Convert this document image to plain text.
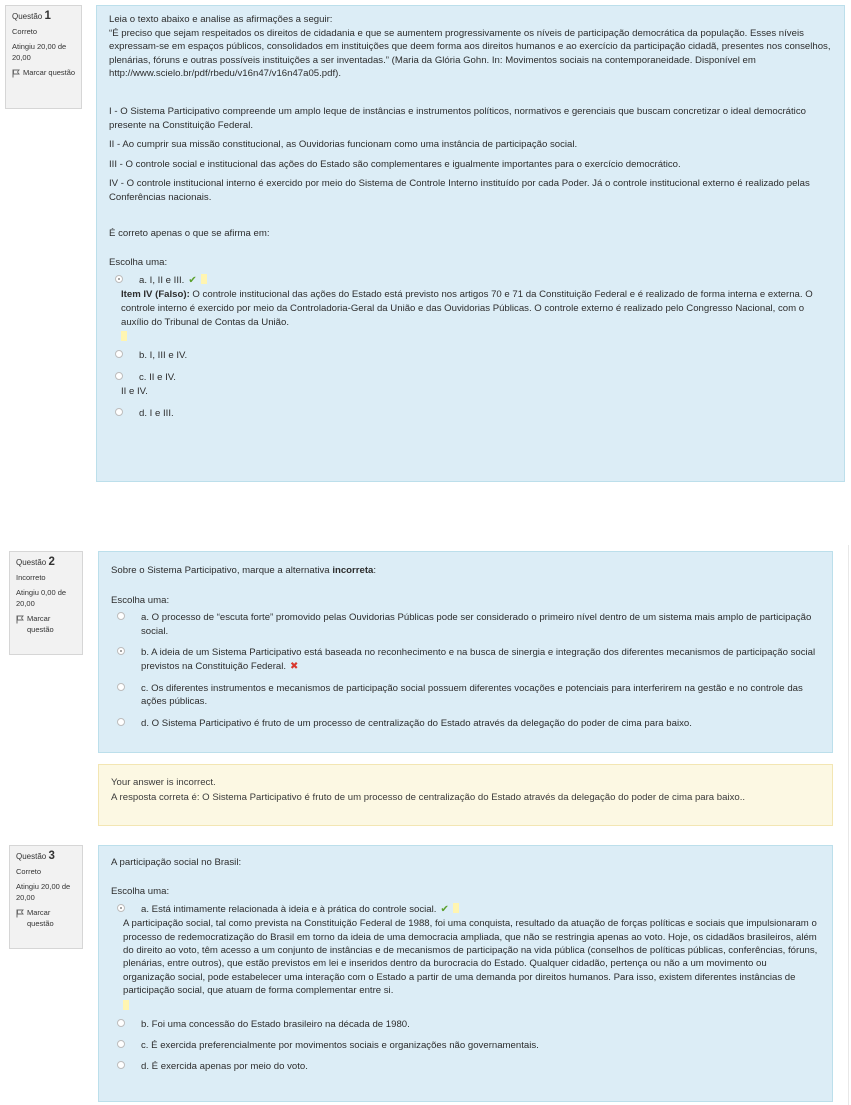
Questão 1
Correto
Atingiu 20,00 de 20,00
Marcar questão

Leia o texto abaixo e analise as afirmações a seguir:

“É preciso que sejam respeitados os direitos de cidadania e que se aumentem progressivamente os níveis de participação democrática da população. Esses níveis expressam-se em espaços públicos, consolidados em instituições que deem forma aos direitos humanos e ao exercício da participação cidadã, presentes nos conselhos, plenárias, fóruns e outras possíveis instituições a ser inventadas.” (Maria da Glória Gohn. In: Movimentos sociais na contemporaneidade. Disponível em http://www.scielo.br/pdf/rbedu/v16n47/v16n47a05.pdf).

I - O Sistema Participativo compreende um amplo leque de instâncias e instrumentos políticos, normativos e gerenciais que buscam concretizar o ideal democrático presente na Constituição Federal.

II - Ao cumprir sua missão constitucional, as Ouvidorias funcionam como uma instância de participação social.

III - O controle social e institucional das ações do Estado são complementares e igualmente importantes para o exercício democrático.

IV - O controle institucional interno é exercido por meio do Sistema de Controle Interno instituído por cada Poder. Já o controle institucional externo é realizado pelas Conferências nacionais.

É correto apenas o que se afirma em:

Escolha uma:

a. I, II e III. ✔
Item IV (Falso): O controle institucional das ações do Estado está previsto nos artigos 70 e 71 da Constituição Federal e é realizado de forma interna e externa. O controle interno é exercido por meio da Controladoria-Geral da União e das Ouvidorias Públicas. O controle externo é realizado pelo Congresso Nacional, com o auxílio do Tribunal de Contas da União.
b. I, III e IV.
c. II e IV.
II e IV.
d. I e III.
Questão 2
Incorreto
Atingiu 0,00 de 20,00
Marcar questão

Sobre o Sistema Participativo, marque a alternativa incorreta:

Escolha uma:

a. O processo de “escuta forte” promovido pelas Ouvidorias Públicas pode ser considerado o primeiro nível dentro de um sistema mais amplo de participação social.
b. A ideia de um Sistema Participativo está baseada no reconhecimento e na busca de sinergia e integração dos diferentes mecanismos de participação social previstos na Constituição Federal. ✖
c. Os diferentes instrumentos e mecanismos de participação social possuem diferentes vocações e potenciais para interferirem na gestão e no controle das ações públicas.
d. O Sistema Participativo é fruto de um processo de centralização do Estado através da delegação do poder de cima para baixo.

Your answer is incorrect.

A resposta correta é: O Sistema Participativo é fruto de um processo de centralização do Estado através da delegação do poder de cima para baixo..

Questão 3
Correto
Atingiu 20,00 de 20,00
Marcar questão

A participação social no Brasil:

Escolha uma:

a. Está intimamente relacionada à ideia e à prática do controle social. ✔
A participação social, tal como prevista na Constituição Federal de 1988, foi uma conquista, resultado da atuação de forças políticas e sociais que impulsionaram o processo de redemocratização do Brasil em torno da ideia de uma democracia ampliada, que não se restringia apenas ao voto. Hoje, os cidadãos brasileiros, além do direito ao voto, têm acesso a um conjunto de instâncias e de mecanismos de participação na vida pública (conselhos de políticas públicas, conferências, fóruns, plenárias, entre outros), que estão previstos em lei e inseridos dentro da burocracia do Estado. Qualquer cidadão, pertença ou não a um movimento ou organização social, pode estabelecer uma interação com o Estado a partir de uma demanda por direitos humanos. Para isso, existem diferentes instâncias de participação social, que atuam de forma complementar entre si.
b. Foi uma concessão do Estado brasileiro na década de 1980.
c. É exercida preferencialmente por movimentos sociais e organizações não governamentais.
d. É exercida apenas por meio do voto.
